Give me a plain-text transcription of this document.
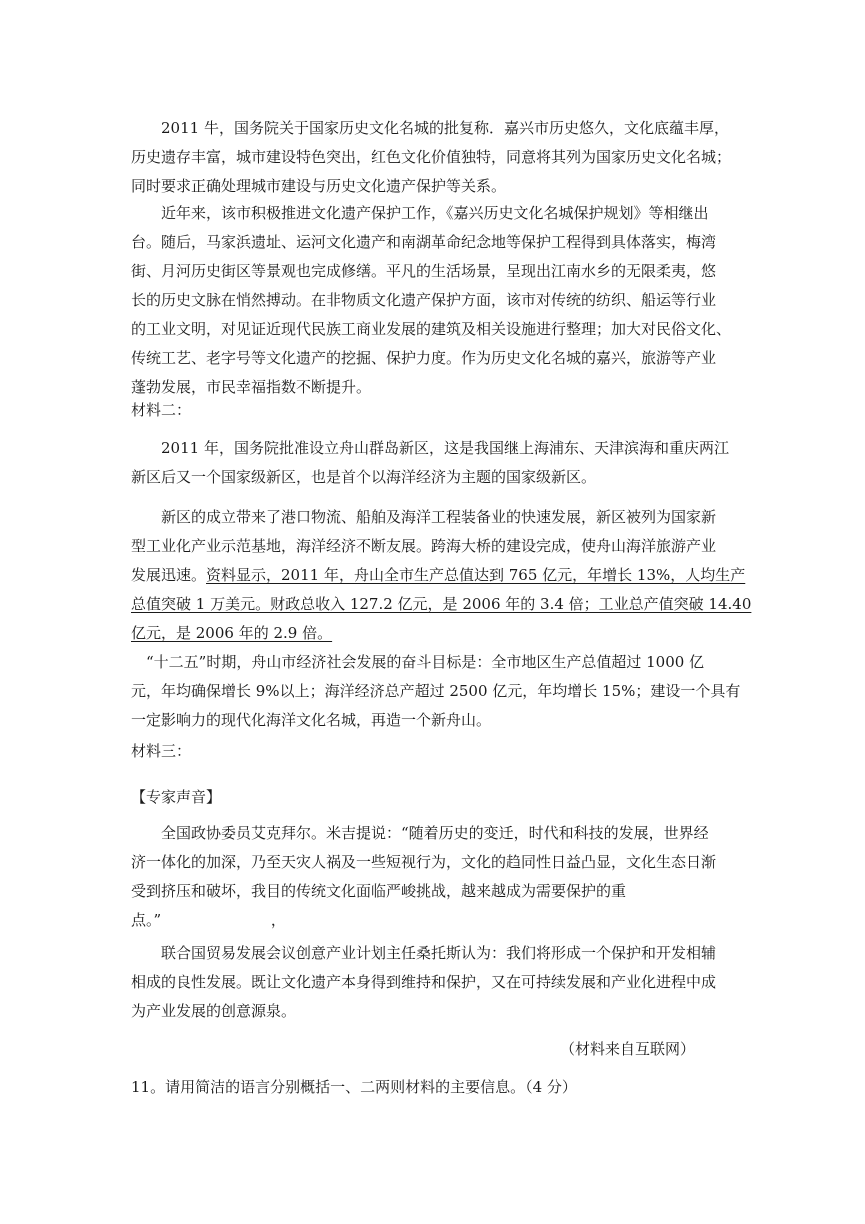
2011 牛，国务院关于国家历史文化名城的批复称．嘉兴市历史悠久，文化底蕴丰厚，
历史遗存丰富，城市建设特色突出，红色文化价值独特，同意将其列为国家历史文化名城；
同时要求正确处理城市建设与历史文化遗产保护等关系。
近年来，该市积极推进文化遗产保护工作，《嘉兴历史文化名城保护规划》等相继出
台。随后，马家浜遗址、运河文化遗产和南湖革命纪念地等保护工程得到具体落实，梅湾
街、月河历史街区等景观也完成修缮。平凡的生活场景，呈现出江南水乡的无限柔夷，悠
长的历史文脉在悄然搏动。在非物质文化遗产保护方面，该市对传统的纺织、船运等行业
的工业文明，对见证近现代民族工商业发展的建筑及相关设施进行整理；加大对民俗文化、
传统工艺、老字号等文化遗产的挖掘、保护力度。作为历史文化名城的嘉兴，旅游等产业
蓬勃发展，市民幸福指数不断提升。
材料二：
2011 年，国务院批准设立舟山群岛新区，这是我国继上海浦东、天津滨海和重庆两江
新区后又一个国家级新区，也是首个以海洋经济为主题的国家级新区。
新区的成立带来了港口物流、船舶及海洋工程装备业的快速发展，新区被列为国家新
型工业化产业示范基地，海洋经济不断友展。跨海大桥的建设完成，使舟山海洋旅游产业
发展迅速。资料显示，2011 年，舟山全市生产总值达到 765 亿元，年增长 13%，人均生产
总值突破 1 万美元。财政总收入 127.2 亿元，是 2006 年的 3.4 倍；工业总产值突破 14.40
亿元，是 2006 年的 2.9 倍。
“十二五”时期，舟山市经济社会发展的奋斗目标是：全市地区生产总值超过 1000 亿
元，年均确保增长 9%以上；海洋经济总产超过 2500 亿元，年均增长 15%；建设一个具有
一定影响力的现代化海洋文化名城，再造一个新舟山。
材料三：
【专家声音】
全国政协委员艾克拜尔。米吉提说：“随着历史的变迁，时代和科技的发展，世界经
济一体化的加深，乃至天灾人祸及一些短视行为，文化的趋同性日益凸显，文化生态日渐
受到挤压和破坏，我目的传统文化面临严峻挑战，越来越成为需要保护的重
点。”                       ，
联合国贸易发展会议创意产业计划主任桑托斯认为：我们将形成一个保护和开发相辅
相成的良性发展。既让文化遗产本身得到维持和保护，又在可持续发展和产业化进程中成
为产业发展的创意源泉。
（材料来自互联网）
11。请用简洁的语言分别概括一、二两则材料的主要信息。（4 分）
